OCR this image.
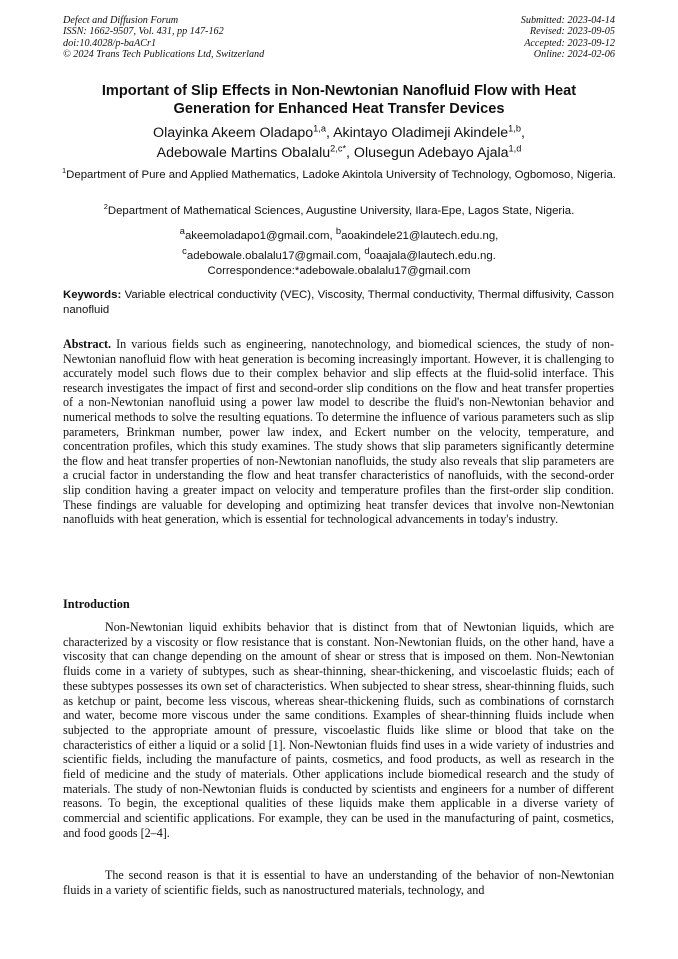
Defect and Diffusion Forum
ISSN: 1662-9507, Vol. 431, pp 147-162
doi:10.4028/p-baACr1
© 2024 Trans Tech Publications Ltd, Switzerland
Submitted: 2023-04-14
Revised: 2023-09-05
Accepted: 2023-09-12
Online: 2024-02-06
Important of Slip Effects in Non-Newtonian Nanofluid Flow with Heat
Generation for Enhanced Heat Transfer Devices
Olayinka Akeem Oladapo$^{1,a}$, Akintayo Oladimeji Akindele$^{1,b}$,
Adebowale Martins Obalalu$^{2,c*}$, Olusegun Adebayo Ajala$^{1,d}$
$^1$Department of Pure and Applied Mathematics, Ladoke Akintola University of Technology, Ogbomoso, Nigeria.
$^2$Department of Mathematical Sciences, Augustine University, Ilara-Epe, Lagos State, Nigeria.
$^a$akeemoladapo1@gmail.com, $^b$aoakindele21@lautech.edu.ng,
$^c$adebowale.obalalu17@gmail.com, $^d$oaajala@lautech.edu.ng.
Correspondence:*adebowale.obalalu17@gmail.com
Keywords: Variable electrical conductivity (VEC), Viscosity, Thermal conductivity, Thermal diffusivity, Casson nanofluid
Abstract. In various fields such as engineering, nanotechnology, and biomedical sciences, the study of non-Newtonian nanofluid flow with heat generation is becoming increasingly important. However, it is challenging to accurately model such flows due to their complex behavior and slip effects at the fluid-solid interface. This research investigates the impact of first and second-order slip conditions on the flow and heat transfer properties of a non-Newtonian nanofluid using a power law model to describe the fluid's non-Newtonian behavior and numerical methods to solve the resulting equations. To determine the influence of various parameters such as slip parameters, Brinkman number, power law index, and Eckert number on the velocity, temperature, and concentration profiles, which this study examines. The study shows that slip parameters significantly determine the flow and heat transfer properties of non-Newtonian nanofluids, the study also reveals that slip parameters are a crucial factor in understanding the flow and heat transfer characteristics of nanofluids, with the second-order slip condition having a greater impact on velocity and temperature profiles than the first-order slip condition. These findings are valuable for developing and optimizing heat transfer devices that involve non-Newtonian nanofluids with heat generation, which is essential for technological advancements in today's industry.
Introduction
Non-Newtonian liquid exhibits behavior that is distinct from that of Newtonian liquids, which are characterized by a viscosity or flow resistance that is constant. Non-Newtonian fluids, on the other hand, have a viscosity that can change depending on the amount of shear or stress that is imposed on them. Non-Newtonian fluids come in a variety of subtypes, such as shear-thinning, shear-thickening, and viscoelastic fluids; each of these subtypes possesses its own set of characteristics. When subjected to shear stress, shear-thinning fluids, such as ketchup or paint, become less viscous, whereas shear-thickening fluids, such as combinations of cornstarch and water, become more viscous under the same conditions. Examples of shear-thinning fluids include when subjected to the appropriate amount of pressure, viscoelastic fluids like slime or blood that take on the characteristics of either a liquid or a solid [1]. Non-Newtonian fluids find uses in a wide variety of industries and scientific fields, including the manufacture of paints, cosmetics, and food products, as well as research in the field of medicine and the study of materials. Other applications include biomedical research and the study of materials. The study of non-Newtonian fluids is conducted by scientists and engineers for a number of different reasons. To begin, the exceptional qualities of these liquids make them applicable in a diverse variety of commercial and scientific applications. For example, they can be used in the manufacturing of paint, cosmetics, and food goods [2–4].
The second reason is that it is essential to have an understanding of the behavior of non-Newtonian fluids in a variety of scientific fields, such as nanostructured materials, technology, and
